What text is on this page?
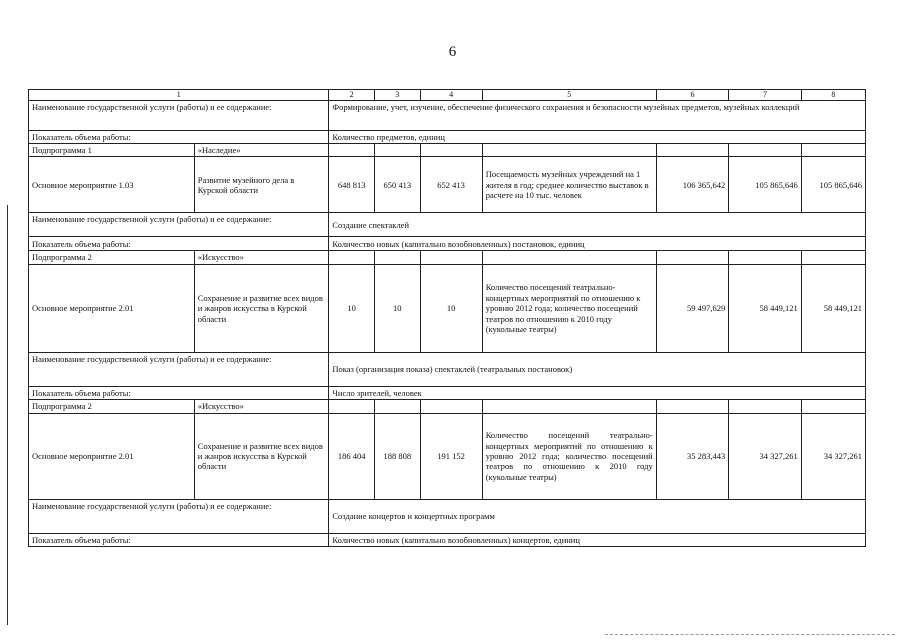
6
1		2	3	4	5	6	7	8
Наименование государственной услуги (работы) и ее содержание:		Формирование, учет, изучение, обеспечение физического сохранения и безопасности музейных предметов, музейных коллекций						
Показатель объема работы:		Количество предметов, единиц						
Подпрограмма 1	«Наследие»							
Основное мероприятие 1.03	Развитие музейного дела в Курской области	648 813	650 413	652 413	Посещаемость музейных учреждений на 1 жителя в год; среднее количество выставок в расчете на 10 тыс. человек	106 365,642	105 865,646	105 865,646
Наименование государственной услуги (работы) и ее содержание:		Создание спектаклей						
Показатель объема работы:		Количество новых (капитально возобновленных) постановок, единиц						
Подпрограмма 2	«Искусство»							
Основное мероприятие 2.01	Сохранение и развитие всех видов и жанров искусства в Курской области	10	10	10	Количество посещений театрально-концертных мероприятий по отношению к уровню 2012 года; количество посещений театров по отношению к 2010 году (кукольные театры)	59 497,629	58 449,121	58 449,121
Наименование государственной услуги (работы) и ее содержание:		Показ (организация показа) спектаклей (театральных постановок)						
Показатель объема работы:		Число зрителей, человек						
Подпрограмма 2	«Искусство»							
Основное мероприятие 2.01	Сохранение и развитие всех видов и жанров искусства в Курской области	186 404	188 808	191 152	Количество посещений театрально-концертных мероприятий по отношению к уровню 2012 года; количество посещений театров по отношению к 2010 году (кукольные театры)	35 283,443	34 327,261	34 327,261
Наименование государственной услуги (работы) и ее содержание:		Создание концертов и концертных программ						
Показатель объема работы:		Количество новых (капитально возобновленных) концертов, единиц						
